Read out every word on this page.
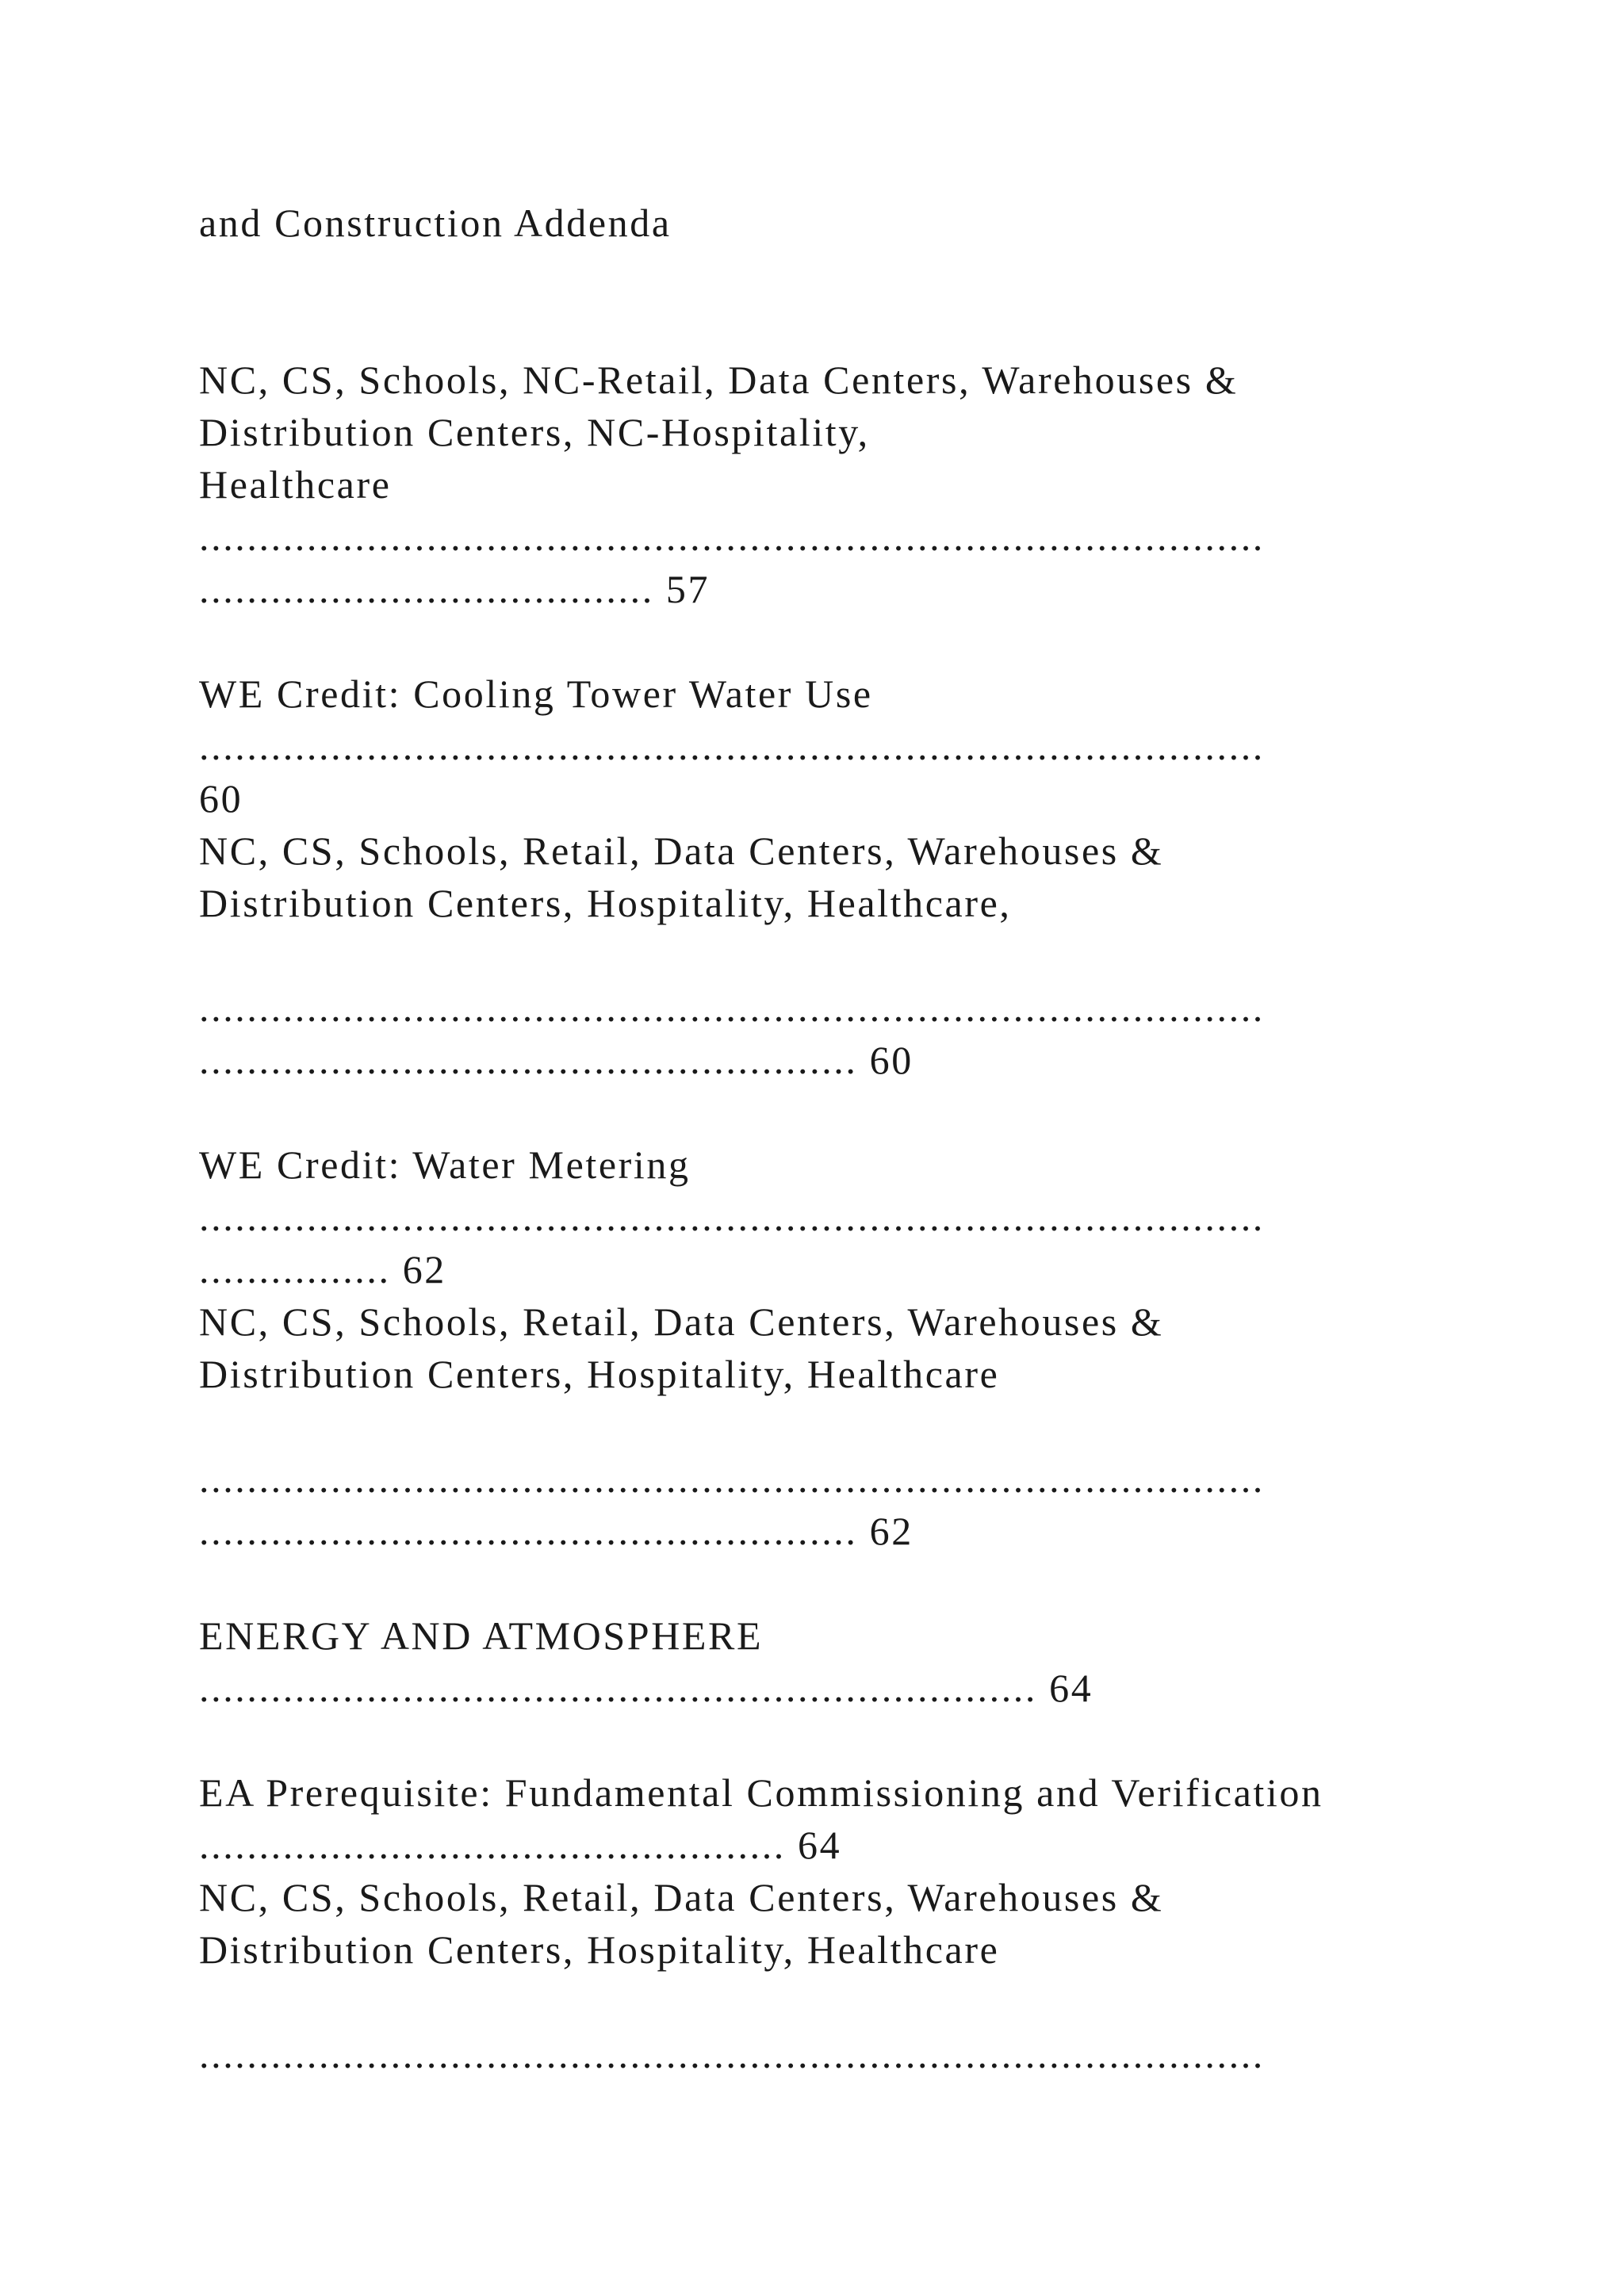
and Construction Addenda
NC, CS, Schools, NC-Retail, Data Centers, Warehouses &
Distribution Centers, NC-Hospitality,
Healthcare
.........................................................................................
...................................... 57
WE Credit: Cooling Tower Water Use
.........................................................................................
60
NC, CS, Schools, Retail, Data Centers, Warehouses &
Distribution Centers, Hospitality, Healthcare,
.........................................................................................
....................................................... 60
WE Credit: Water Metering
.........................................................................................
................ 62
NC, CS, Schools, Retail, Data Centers, Warehouses &
Distribution Centers, Hospitality, Healthcare
.........................................................................................
....................................................... 62
ENERGY AND ATMOSPHERE
...................................................................... 64
EA Prerequisite: Fundamental Commissioning and Verification
................................................. 64
NC, CS, Schools, Retail, Data Centers, Warehouses &
Distribution Centers, Hospitality, Healthcare
.........................................................................................
